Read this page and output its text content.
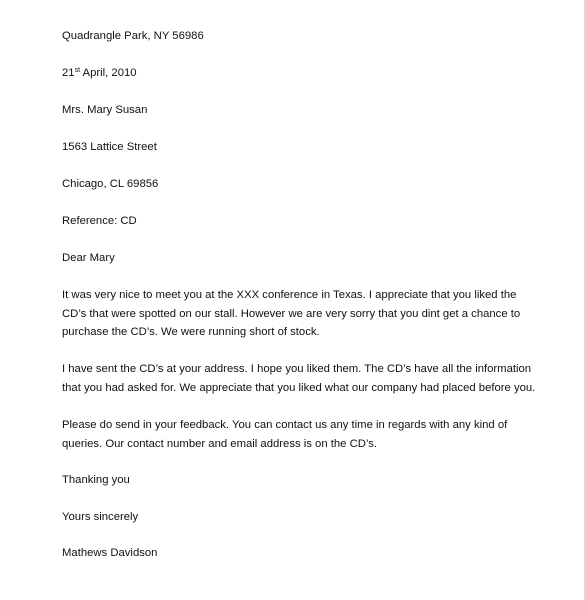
Quadrangle Park, NY 56986
21st April, 2010
Mrs. Mary Susan
1563 Lattice Street
Chicago, CL 69856
Reference: CD
Dear Mary
It was very nice to meet you at the XXX conference in Texas. I appreciate that you liked the
CD’s that were spotted on our stall. However we are very sorry that you dint get a chance to
purchase the CD’s. We were running short of stock.
I have sent the CD’s at your address. I hope you liked them. The CD’s have all the information
that you had asked for. We appreciate that you liked what our company had placed before you.
Please do send in your feedback. You can contact us any time in regards with any kind of
queries. Our contact number and email address is on the CD’s.
Thanking you
Yours sincerely
Mathews Davidson
